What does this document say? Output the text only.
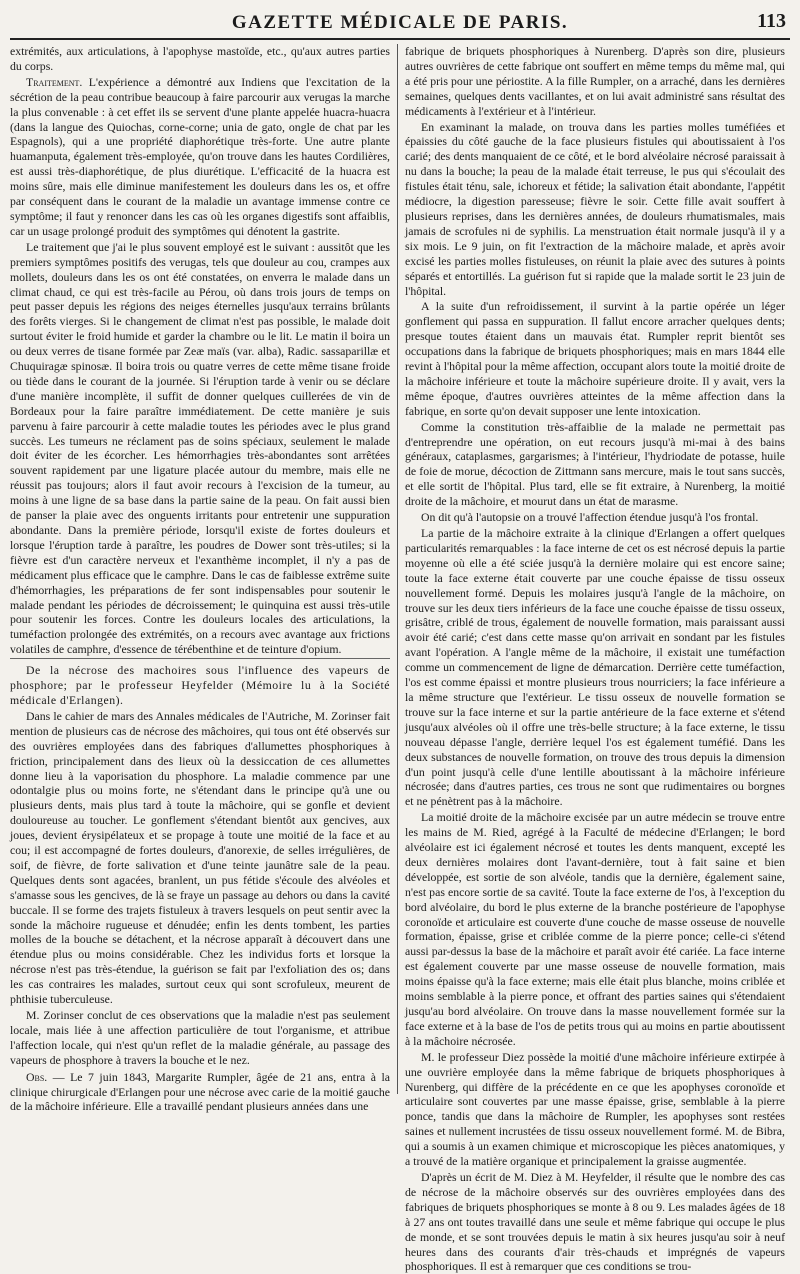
GAZETTE MÉDICALE DE PARIS.	113

extrémités, aux articulations, à l'apophyse mastoïde, etc., qu'aux autres parties du corps.

Traitement. L'expérience a démontré aux Indiens que l'excitation de la sécrétion de la peau contribue beaucoup à faire parcourir aux verugas la marche la plus convenable : à cet effet ils se servent d'une plante appelée huacra-huacra (dans la langue des Quiochas, corne-corne; unia de gato, ongle de chat par les Espagnols), qui a une propriété diaphorétique très-forte. Une autre plante huamanputa, également très-employée, qu'on trouve dans les hautes Cordilières, est aussi très-diaphorétique, de plus diurétique. L'efficacité de la huacra est moins sûre, mais elle diminue manifestement les douleurs dans les os, et offre par conséquent dans le courant de la maladie un avantage immense contre ce symptôme; il faut y renoncer dans les cas où les organes digestifs sont affaiblis, car un usage prolongé produit des symptômes qui dénotent la gastrite.

Le traitement que j'ai le plus souvent employé est le suivant : aussitôt que les premiers symptômes positifs des verugas, tels que douleur au cou, crampes aux mollets, douleurs dans les os ont été constatées, on enverra le malade dans un climat chaud, ce qui est très-facile au Pérou, où dans trois jours de temps on peut passer depuis les régions des neiges éternelles jusqu'aux terrains brûlants des forêts vierges. Si le changement de climat n'est pas possible, le malade doit surtout éviter le froid humide et garder la chambre ou le lit. Le matin il boira un ou deux verres de tisane formée par Zeæ maïs (var. alba), Radic. sassaparillæ et Chuquiragæ spinosæ. Il boira trois ou quatre verres de cette même tisane froide ou tiède dans le courant de la journée. Si l'éruption tarde à venir ou se déclare d'une manière incomplète, il suffit de donner quelques cuillerées de vin de Bordeaux pour la faire paraître immédiatement. De cette manière je suis parvenu à faire parcourir à cette maladie toutes les périodes avec le plus grand succès. Les tumeurs ne réclament pas de soins spéciaux, seulement le malade doit éviter de les écorcher. Les hémorrhagies très-abondantes sont arrêtées souvent rapidement par une ligature placée autour du membre, mais elle ne réussit pas toujours; alors il faut avoir recours à l'excision de la tumeur, au moins à une ligne de sa base dans la partie saine de la peau. On fait aussi bien de panser la plaie avec des onguents irritants pour entretenir une suppuration abondante. Dans la première période, lorsqu'il existe de fortes douleurs et lorsque l'éruption tarde à paraître, les poudres de Dower sont très-utiles; si la fièvre est d'un caractère nerveux et l'exanthème incomplet, il n'y a pas de médicament plus efficace que le camphre. Dans le cas de faiblesse extrême suite d'hémorrhagies, les préparations de fer sont indispensables pour soutenir le malade pendant les périodes de décroissement; le quinquina est aussi très-utile pour soutenir les forces. Contre les douleurs locales des articulations, la tuméfaction prolongée des extrémités, on a recours avec avantage aux frictions volatiles de camphre, d'essence de térébenthine et de teinture d'opium.

De la nécrose des machoires sous l'influence des vapeurs de phosphore; par le professeur Heyfelder (Mémoire lu à la Société médicale d'Erlangen).

Dans le cahier de mars des Annales médicales de l'Autriche, M. Zorinser fait mention de plusieurs cas de nécrose des mâchoires, qui tous ont été observés sur des ouvrières employées dans des fabriques d'allumettes phosphoriques à friction, principalement dans des lieux où la dessiccation de ces allumettes donne lieu à la vaporisation du phosphore. La maladie commence par une odontalgie plus ou moins forte, ne s'étendant dans le principe qu'à une ou plusieurs dents, mais plus tard à toute la mâchoire, qui se gonfle et devient douloureuse au toucher. Le gonflement s'étendant bientôt aux gencives, aux joues, devient érysipélateux et se propage à toute une moitié de la face et au cou; il est accompagné de fortes douleurs, d'anorexie, de selles irrégulières, de soif, de fièvre, de forte salivation et d'une teinte jaunâtre sale de la peau. Quelques dents sont agacées, branlent, un pus fétide s'écoule des alvéoles et s'amasse sous les gencives, de là se fraye un passage au dehors ou dans la cavité buccale. Il se forme des trajets fistuleux à travers lesquels on peut sentir avec la sonde la mâchoire rugueuse et dénudée; enfin les dents tombent, les parties molles de la bouche se détachent, et la nécrose apparaît à découvert dans une étendue plus ou moins considérable. Chez les individus forts et lorsque la nécrose n'est pas très-étendue, la guérison se fait par l'exfoliation des os; dans les cas contraires les malades, surtout ceux qui sont scrofuleux, meurent de phthisie tuberculeuse.

M. Zorinser conclut de ces observations que la maladie n'est pas seulement locale, mais liée à une affection particulière de tout l'organisme, et attribue l'affection locale, qui n'est qu'un reflet de la maladie générale, au passage des vapeurs de phosphore à travers la bouche et le nez.

Obs. — Le 7 juin 1843, Margarite Rumpler, âgée de 21 ans, entra à la clinique chirurgicale d'Erlangen pour une nécrose avec carie de la moitié gauche de la mâchoire inférieure. Elle a travaillé pendant plusieurs années dans une

fabrique de briquets phosphoriques à Nurenberg. D'après son dire, plusieurs autres ouvrières de cette fabrique ont souffert en même temps du même mal, qui a été pris pour une périostite. A la fille Rumpler, on a arraché, dans les dernières semaines, quelques dents vacillantes, et on lui avait administré sans résultat des médicaments à l'extérieur et à l'intérieur.

En examinant la malade, on trouva dans les parties molles tuméfiées et épaissies du côté gauche de la face plusieurs fistules qui aboutissaient à l'os carié; des dents manquaient de ce côté, et le bord alvéolaire nécrosé paraissait à nu dans la bouche; la peau de la malade était terreuse, le pus qui s'écoulait des fistules était ténu, sale, ichoreux et fétide; la salivation était abondante, l'appétit médiocre, la digestion paresseuse; fièvre le soir. Cette fille avait souffert à plusieurs reprises, dans les dernières années, de douleurs rhumatismales, mais jamais de scrofules ni de syphilis. La menstruation était normale jusqu'à il y a six mois. Le 9 juin, on fit l'extraction de la mâchoire malade, et après avoir excisé les parties molles fistuleuses, on réunit la plaie avec des sutures à points séparés et entortillés. La guérison fut si rapide que la malade sortit le 23 juin de l'hôpital.

A la suite d'un refroidissement, il survint à la partie opérée un léger gonflement qui passa en suppuration. Il fallut encore arracher quelques dents; presque toutes étaient dans un mauvais état. Rumpler reprit bientôt ses occupations dans la fabrique de briquets phosphoriques; mais en mars 1844 elle revint à l'hôpital pour la même affection, occupant alors toute la moitié droite de la mâchoire inférieure et toute la mâchoire supérieure droite. Il y avait, vers la même époque, d'autres ouvrières atteintes de la même affection dans la fabrique, en sorte qu'on devait supposer une lente intoxication.

Comme la constitution très-affaiblie de la malade ne permettait pas d'entreprendre une opération, on eut recours jusqu'à mi-mai à des bains généraux, cataplasmes, gargarismes; à l'intérieur, l'hydriodate de potasse, huile de foie de morue, décoction de Zittmann sans mercure, mais le tout sans succès, et elle sortit de l'hôpital. Plus tard, elle se fit extraire, à Nurenberg, la moitié droite de la mâchoire, et mourut dans un état de marasme.

On dit qu'à l'autopsie on a trouvé l'affection étendue jusqu'à l'os frontal.

La partie de la mâchoire extraite à la clinique d'Erlangen a offert quelques particularités remarquables : la face interne de cet os est nécrosé depuis la partie moyenne où elle a été sciée jusqu'à la dernière molaire qui est encore saine; toute la face externe était couverte par une couche épaisse de tissu osseux nouvellement formé. Depuis les molaires jusqu'à l'angle de la mâchoire, on trouve sur les deux tiers inférieurs de la face une couche épaisse de tissu osseux, grisâtre, criblé de trous, également de nouvelle formation, mais paraissant aussi avoir été carié; c'est dans cette masse qu'on arrivait en sondant par les fistules avant l'opération. A l'angle même de la mâchoire, il existait une tuméfaction comme un commencement de ligne de démarcation. Derrière cette tuméfaction, l'os est comme épaissi et montre plusieurs trous nourriciers; la face inférieure a la même structure que l'extérieur. Le tissu osseux de nouvelle formation se trouve sur la face interne et sur la partie antérieure de la face externe et s'étend jusqu'aux alvéoles où il offre une très-belle structure; à la face externe, le tissu nouveau dépasse l'angle, derrière lequel l'os est également tuméfié. Dans les deux substances de nouvelle formation, on trouve des trous depuis la dimension d'un point jusqu'à celle d'une lentille aboutissant à la mâchoire inférieure nécrosée; dans d'autres parties, ces trous ne sont que rudimentaires ou borgnes et ne pénètrent pas à la mâchoire.

La moitié droite de la mâchoire excisée par un autre médecin se trouve entre les mains de M. Ried, agrégé à la Faculté de médecine d'Erlangen; le bord alvéolaire est ici également nécrosé et toutes les dents manquent, excepté les deux dernières molaires dont l'avant-dernière, tout à fait saine et bien développée, est sortie de son alvéole, tandis que la dernière, également saine, n'est pas encore sortie de sa cavité. Toute la face externe de l'os, à l'exception du bord alvéolaire, du bord le plus externe de la branche postérieure de l'apophyse coronoïde et articulaire est couverte d'une couche de masse osseuse de nouvelle formation, épaisse, grise et criblée comme de la pierre ponce; celle-ci s'étend aussi par-dessus la base de la mâchoire et paraît avoir été cariée. La face interne est également couverte par une masse osseuse de nouvelle formation, mais moins épaisse qu'à la face externe; mais elle était plus blanche, moins criblée et moins semblable à la pierre ponce, et offrant des parties saines qui s'étendaient jusqu'au bord alvéolaire. On trouve dans la masse nouvellement formée sur la face externe et à la base de l'os de petits trous qui au moins en partie aboutissent à la mâchoire nécrosée.

M. le professeur Diez possède la moitié d'une mâchoire inférieure extirpée à une ouvrière employée dans la même fabrique de briquets phosphoriques à Nurenberg, qui diffère de la précédente en ce que les apophyses coronoïde et articulaire sont couvertes par une masse épaisse, grise, semblable à la pierre ponce, tandis que dans la mâchoire de Rumpler, les apophyses sont restées saines et nullement incrustées de tissu osseux nouvellement formé. M. de Bibra, qui a soumis à un examen chimique et microscopique les pièces anatomiques, y a trouvé de la matière organique et principalement la graisse augmentée.

D'après un écrit de M. Diez à M. Heyfelder, il résulte que le nombre des cas de nécrose de la mâchoire observés sur des ouvrières employées dans des fabriques de briquets phosphoriques se monte à 8 ou 9. Les malades âgées de 18 à 27 ans ont toutes travaillé dans une seule et même fabrique qui occupe le plus de monde, et se sont trouvées depuis le matin à six heures jusqu'au soir à neuf heures dans des courants d'air très-chauds et imprégnés de vapeurs phosphoriques. Il est à remarquer que ces conditions se trou-
